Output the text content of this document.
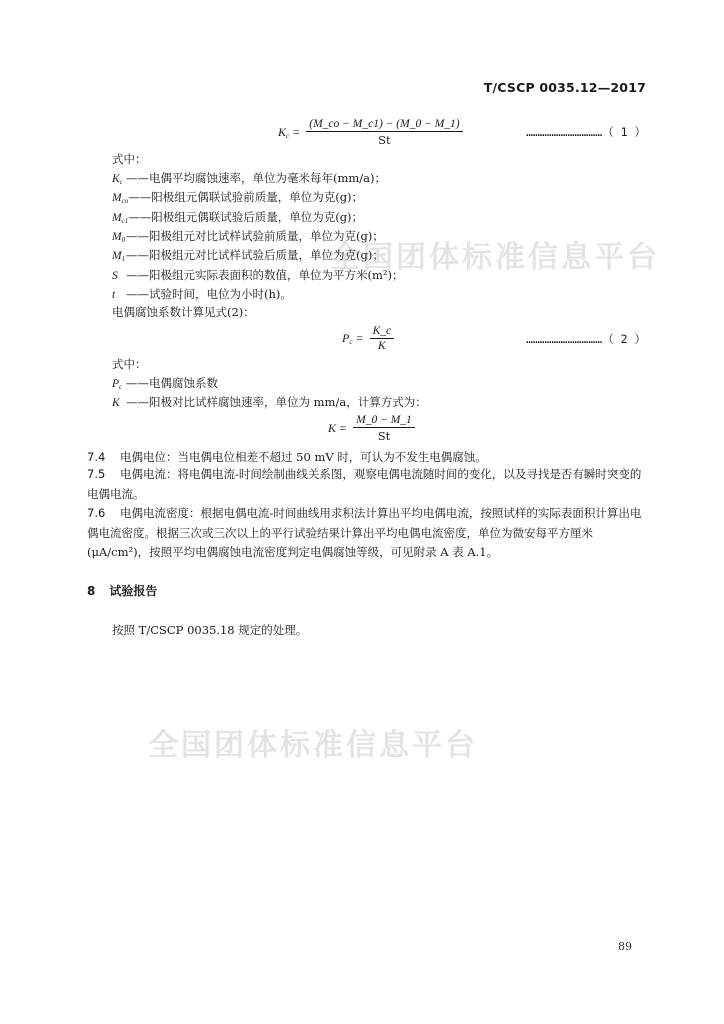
全国团体标准信息平台
全国团体标准信息平台
T/CSCP 0035.12—2017
$K_c = \frac{(M\_co - M\_c1) - (M\_0 - M\_1)}{St}$	……………………………（ 1 ）
式中：
$K_c$ ——电偶平均腐蚀速率，单位为毫米每年(mm/a)；
$M_{co}——$阳极组元偶联试验前质量，单位为克(g)；
$M_{c1}——$阳极组元偶联试验后质量，单位为克(g)；
$M_0——$阳极组元对比试样试验前质量，单位为克(g)；
$M_1——$阳极组元对比试样试验后质量，单位为克(g)；
S ——阳极组元实际表面积的数值，单位为平方米(m²)；
t ——试验时间，电位为小时(h)。
电偶腐蚀系数计算见式(2)：
$P_c = \frac{K\_c}{K}$	……………………………（ 2 ）
式中：
$P_c$ ——电偶腐蚀系数
K ——阳极对比试样腐蚀速率，单位为 mm/a，计算方式为：
$K = \frac{M\_0 - M\_1}{St}$
7.4 电偶电位：当电偶电位相差不超过 50 mV 时，可认为不发生电偶腐蚀。
7.5 电偶电流：将电偶电流-时间绘制曲线关系图，观察电偶电流随时间的变化，以及寻找是否有瞬时突变的电偶电流。
7.6 电偶电流密度：根据电偶电流-时间曲线用求积法计算出平均电偶电流，按照试样的实际表面积计算出电偶电流密度。根据三次或三次以上的平行试验结果计算出平均电偶电流密度，单位为微安每平方厘米(μA/cm²)，按照平均电偶腐蚀电流密度判定电偶腐蚀等级，可见附录 A 表 A.1。
8 试验报告
按照 T/CSCP 0035.18 规定的处理。
89
